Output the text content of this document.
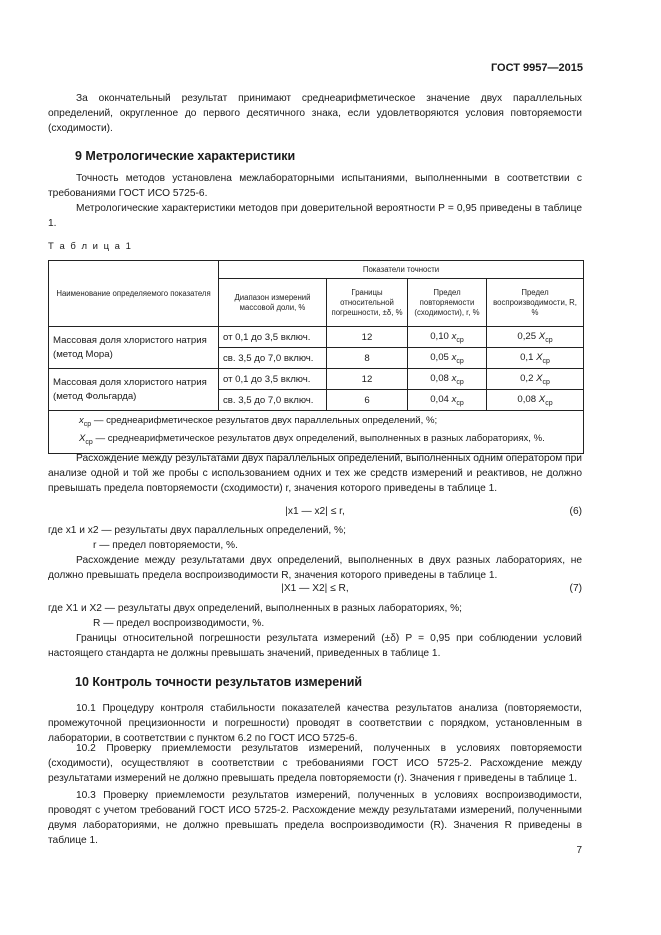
ГОСТ 9957—2015

За окончательный результат принимают среднеарифметическое значение двух параллельных определений, округленное до первого десятичного знака, если удовлетворяются условия повторяемости (сходимости).

9 Метрологические характеристики

Точность методов установлена межлабораторными испытаниями, выполненными в соответствии с требованиями ГОСТ ИСО 5725-6.

Метрологические характеристики методов при доверительной вероятности P = 0,95 приведены в таблице 1.

Т а б л и ц а 1
Наименование определяемого показателя	Показатели точности			
	Диапазон измерений массовой доли, %	Границы относительной погрешности, ±δ, %	Предел повторяемости (сходимости), r, %	Предел воспроизводимости, R, %
Массовая доля хлористого натрия (метод Мора)	от 0,1 до 3,5 включ.	12	0,10 $x_{ср}$	0,25 $X_{ср}$
	св. 3,5 до 7,0 включ.	8	0,05 $x_{ср}$	0,1 $X_{ср}$
Массовая доля хлористого натрия (метод Фольгарда)	от 0,1 до 3,5 включ.	12	0,08 $x_{ср}$	0,2 $X_{ср}$
	св. 3,5 до 7,0 включ.	6	0,04 $x_{ср}$	0,08 $X_{ср}$

$x_{ср}$ — среднеарифметическое результатов двух параллельных определений, %;
$X_{ср}$ — среднеарифметическое результатов двух определений, выполненных в разных лабораториях, %.				

Расхождение между результатами двух параллельных определений, выполненных одним оператором при анализе одной и той же пробы с использованием одних и тех же средств измерений и реактивов, не должно превышать предела повторяемости (сходимости) r, значения которого приведены в таблице 1.

|x1 — x2| ≤ r,	(6)

где x1 и x2 — результаты двух параллельных определений, %;

r — предел повторяемости, %.

Расхождение между результатами двух определений, выполненных в двух разных лабораториях, не должно превышать предела воспроизводимости R, значения которого приведены в таблице 1.

|X1 — X2| ≤ R,	(7)

где X1 и X2 — результаты двух определений, выполненных в разных лабораториях, %;

R — предел воспроизводимости, %.

Границы относительной погрешности результата измерений (±δ) P = 0,95 при соблюдении условий настоящего стандарта не должны превышать значений, приведенных в таблице 1.

10 Контроль точности результатов измерений

10.1 Процедуру контроля стабильности показателей качества результатов анализа (повторяемости, промежуточной прецизионности и погрешности) проводят в соответствии с порядком, установленным в лаборатории, в соответствии с пунктом 6.2 по ГОСТ ИСО 5725-6.

10.2 Проверку приемлемости результатов измерений, полученных в условиях повторяемости (сходимости), осуществляют в соответствии с требованиями ГОСТ ИСО 5725-2. Расхождение между результатами измерений не должно превышать предела повторяемости (r). Значения r приведены в таблице 1.

10.3 Проверку приемлемости результатов измерений, полученных в условиях воспроизводимости, проводят с учетом требований ГОСТ ИСО 5725-2. Расхождение между результатами измерений, полученными двумя лабораториями, не должно превышать предела воспроизводимости (R). Значения R приведены в таблице 1.

7
